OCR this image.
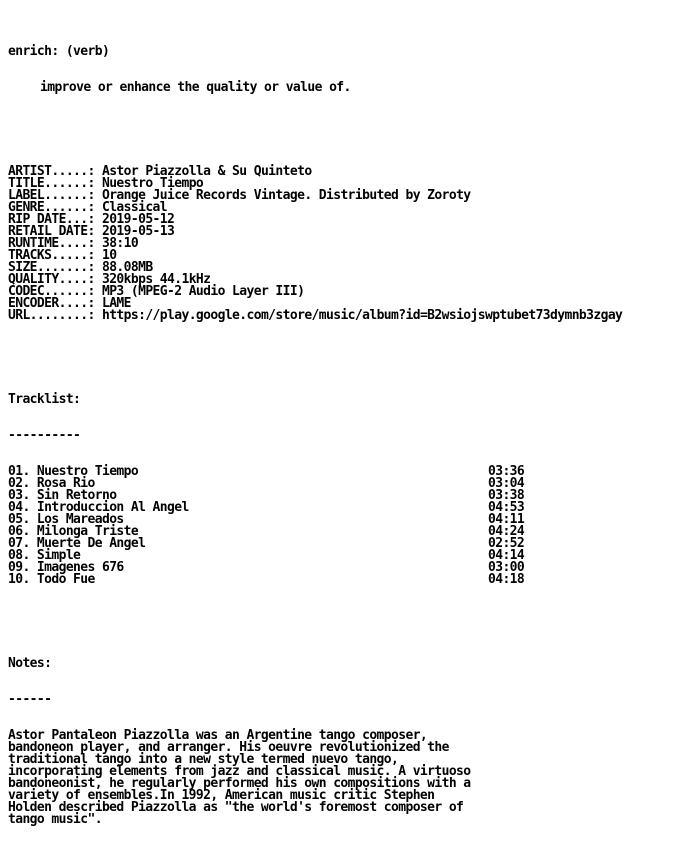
enrich: (verb)

improve or enhance the quality or value of.

ARTIST.....: Astor Piazzolla & Su Quinteto
TITLE......: Nuestro Tiempo
LABEL......: Orange Juice Records Vintage. Distributed by Zoroty
GENRE......: Classical
RIP DATE...: 2019-05-12
RETAIL DATE: 2019-05-13
RUNTIME....: 38:10
TRACKS.....: 10
SIZE.......: 88.08MB
QUALITY....: 320kbps 44.1kHz
CODEC......: MP3 (MPEG-2 Audio Layer III)
ENCODER....: LAME
URL........: https://play.google.com/store/music/album?id=B2wsiojswptubet73dymnb3zgay

Tracklist:

----------

01. Nuestro Tiempo	03:36
02. Rosa Rio	03:04
03. Sin Retorno	03:38
04. Introduccion Al Angel	04:53
05. Los Mareados	04:11
06. Milonga Triste	04:24
07. Muerte De Angel	02:52
08. Simple	04:14
09. Imagenes 676	03:00
10. Todo Fue	04:18

Notes:

------

Astor Pantaleon Piazzolla was an Argentine tango composer,
bandoneon player, and arranger. His oeuvre revolutionized the
traditional tango into a new style termed nuevo tango,
incorporating elements from jazz and classical music. A virtuoso
bandoneonist, he regularly performed his own compositions with a
variety of ensembles.In 1992, American music critic Stephen
Holden described Piazzolla as "the world's foremost composer of
tango music".
